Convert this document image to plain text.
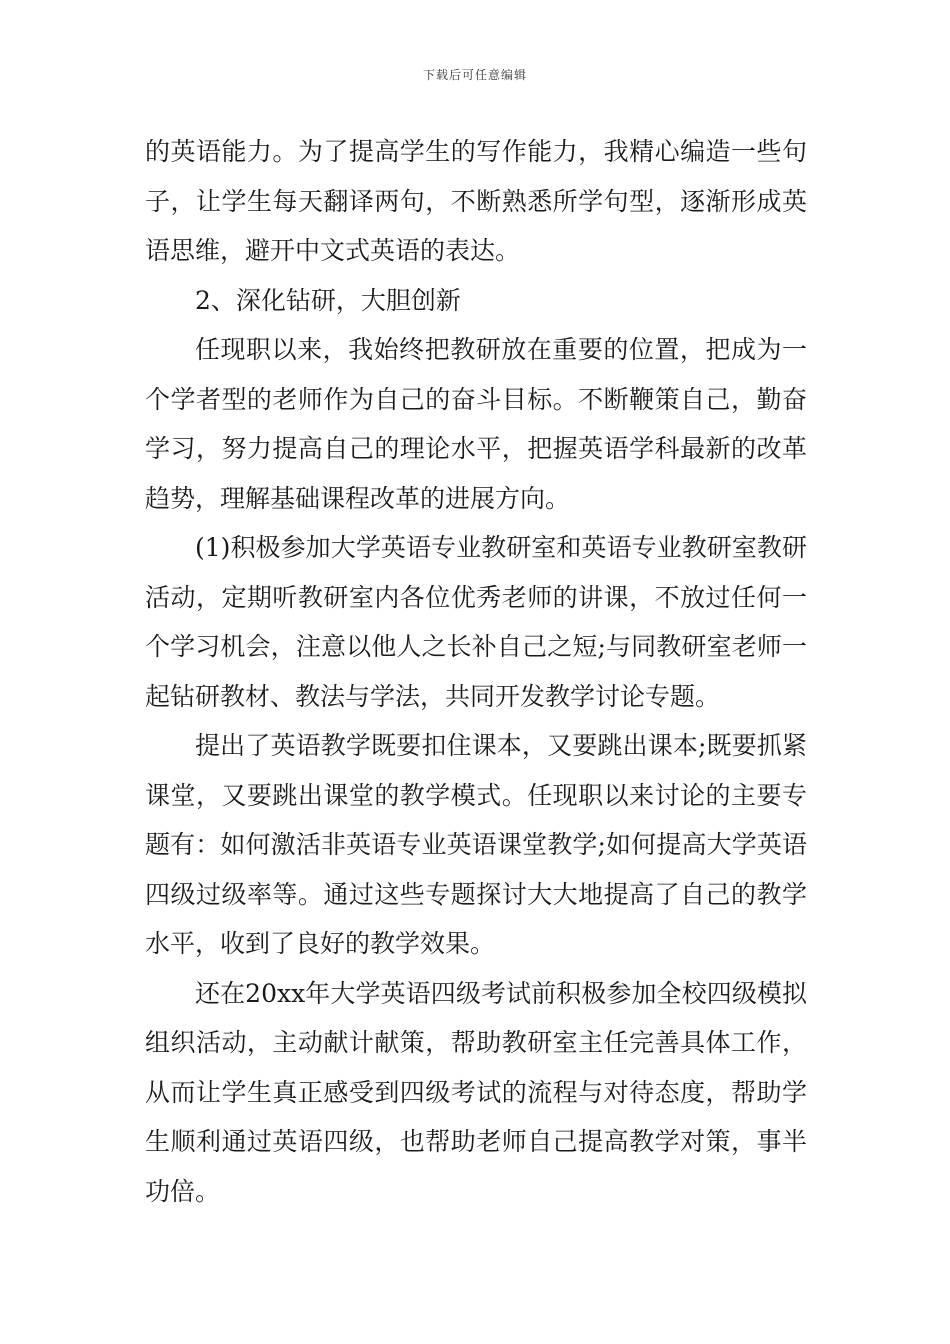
下载后可任意编辑

的英语能力。为了提高学生的写作能力，我精心编造一些句子，让学生每天翻译两句，不断熟悉所学句型，逐渐形成英语思维，避开中文式英语的表达。

2、深化钻研，大胆创新

任现职以来，我始终把教研放在重要的位置，把成为一个学者型的老师作为自己的奋斗目标。不断鞭策自己，勤奋学习，努力提高自己的理论水平，把握英语学科最新的改革趋势，理解基础课程改革的进展方向。

(1)积极参加大学英语专业教研室和英语专业教研室教研活动，定期听教研室内各位优秀老师的讲课，不放过任何一个学习机会，注意以他人之长补自己之短;与同教研室老师一起钻研教材、教法与学法，共同开发教学讨论专题。

提出了英语教学既要扣住课本，又要跳出课本;既要抓紧课堂，又要跳出课堂的教学模式。任现职以来讨论的主要专题有：如何激活非英语专业英语课堂教学;如何提高大学英语四级过级率等。通过这些专题探讨大大地提高了自己的教学水平，收到了良好的教学效果。

还在20xx年大学英语四级考试前积极参加全校四级模拟组织活动，主动献计献策，帮助教研室主任完善具体工作，从而让学生真正感受到四级考试的流程与对待态度，帮助学生顺利通过英语四级，也帮助老师自己提高教学对策，事半功倍。
